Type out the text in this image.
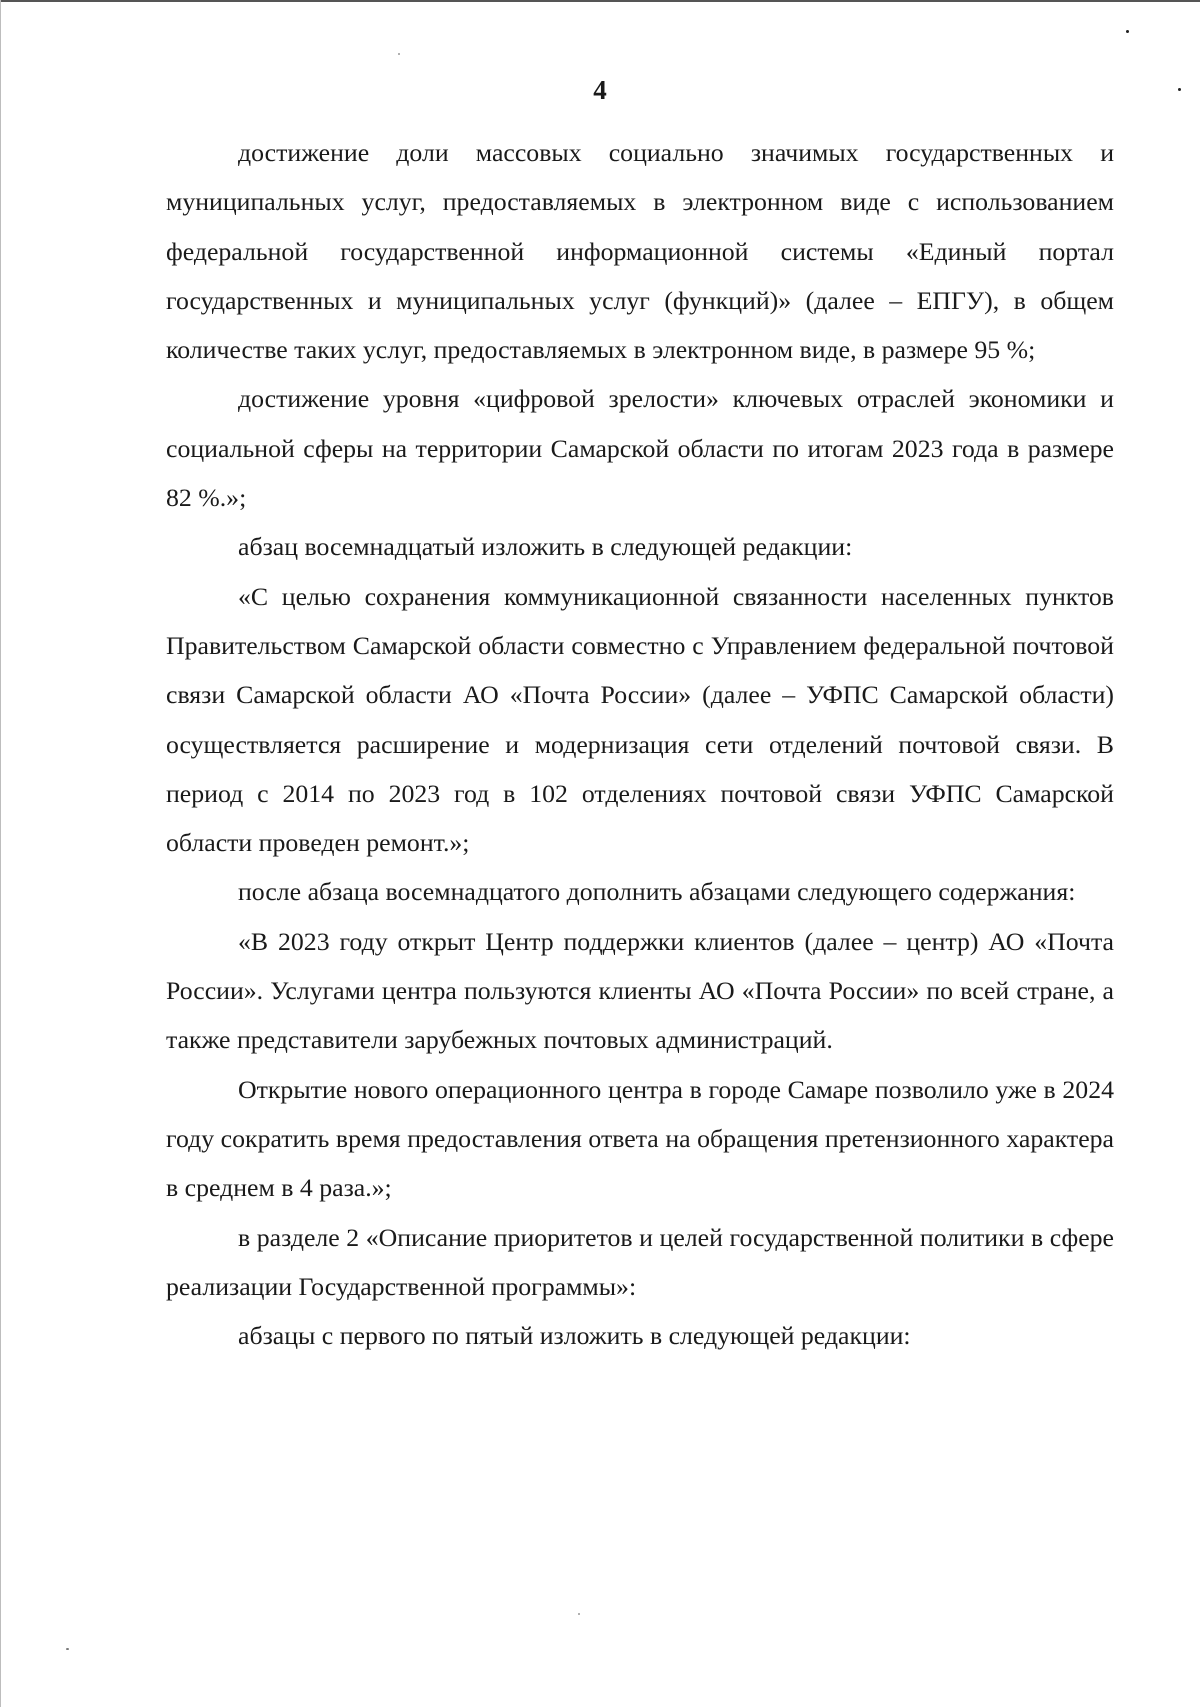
4

достижение доли массовых социально значимых государственных и муниципальных услуг, предоставляемых в электронном виде с использованием федеральной государственной информационной системы «Единый портал государственных и муниципальных услуг (функций)» (далее – ЕПГУ), в общем количестве таких услуг, предоставляемых в электронном виде, в размере 95 %;

достижение уровня «цифровой зрелости» ключевых отраслей экономики и социальной сферы на территории Самарской области по итогам 2023 года в размере 82 %.»;

абзац восемнадцатый изложить в следующей редакции:

«С целью сохранения коммуникационной связанности населенных пунктов Правительством Самарской области совместно с Управлением федеральной почтовой связи Самарской области АО «Почта России» (далее – УФПС Самарской области) осуществляется расширение и модернизация сети отделений почтовой связи. В период с 2014 по 2023 год в 102 отделениях почтовой связи УФПС Самарской области проведен ремонт.»;

после абзаца восемнадцатого дополнить абзацами следующего содержания:

«В 2023 году открыт Центр поддержки клиентов (далее – центр) АО «Почта России». Услугами центра пользуются клиенты АО «Почта России» по всей стране, а также представители зарубежных почтовых администраций.

Открытие нового операционного центра в городе Самаре позволило уже в 2024 году сократить время предоставления ответа на обращения претензионного характера в среднем в 4 раза.»;

в разделе 2 «Описание приоритетов и целей государственной политики в сфере реализации Государственной программы»:

абзацы с первого по пятый изложить в следующей редакции:
